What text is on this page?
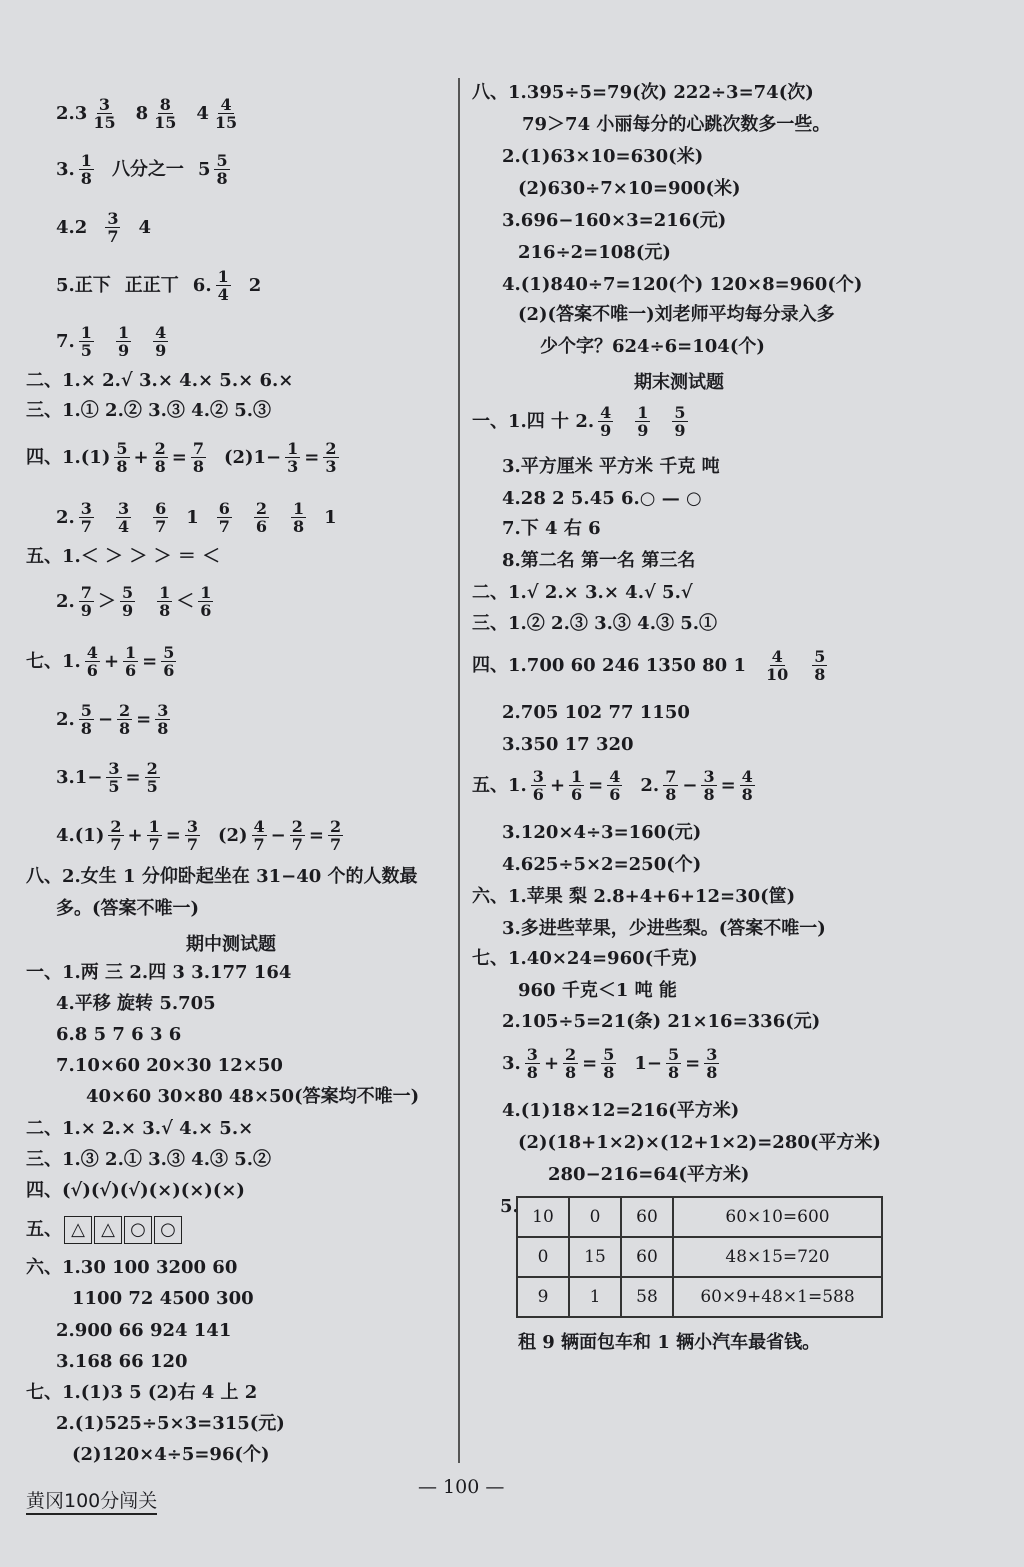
$2.3 \frac{3}{15} 8 \frac{8}{15} 4 \frac{4}{15}$
3. $\frac{1}{8}$ 八分之一 $5 \frac{5}{8}$
$4.2 \frac{3}{7} 4$
5.正下 正正丅 6. $\frac{1}{4} 2$
7. $\frac{1}{5} \frac{1}{9} \frac{4}{9}$
二、1.× 2.√ 3.× 4.× 5.× 6.×
三、1.① 2.② 3.③ 4.② 5.③
四、$1.(1) \frac{5}{8} + \frac{2}{8} = \frac{7}{8} (2)1- \frac{1}{3} = \frac{2}{3}$
2. $\frac{3}{7} \frac{3}{4} \frac{6}{7} 1 \frac{6}{7} \frac{2}{6} \frac{1}{8} 1$
五、1.＜ ＞ ＞ ＞ ＝ ＜
2. $\frac{7}{9} > \frac{5}{9} \frac{1}{8} < \frac{1}{6}$
七、1. $\frac{4}{6} + \frac{1}{6} = \frac{5}{6}$
2. $\frac{5}{8} - \frac{2}{8} = \frac{3}{8}$
$3.1- \frac{3}{5} = \frac{2}{5}$
$4.(1) \frac{2}{7} + \frac{1}{7} = \frac{3}{7} (2) \frac{4}{7} - \frac{2}{7} = \frac{2}{7}$
八、2.女生 1 分仰卧起坐在 31−40 个的人数最
多。(答案不唯一)
期中测试题
一、1.两 三 2.四 3 3.177 164
4.平移 旋转 5.705
6.8 5 7 6 3 6
7.10×60 20×30 12×50
40×60 30×80 48×50(答案均不唯一)
二、1.× 2.× 3.√ 4.× 5.×
三、1.③ 2.① 3.③ 4.③ 5.②
四、(√)(√)(√)(×)(×)(×)
五、 △ △ ○ ○
六、1.30 100 3200 60
1100 72 4500 300
2.900 66 924 141
3.168 66 120
七、1.(1)3 5 (2)右 4 上 2
2.(1)525÷5×3=315(元)
(2)120×4÷5=96(个)
八、1.395÷5=79(次) 222÷3=74(次)
79＞74 小丽每分的心跳次数多一些。
2.(1)63×10=630(米)
(2)630÷7×10=900(米)
3.696−160×3=216(元)
216÷2=108(元)
4.(1)840÷7=120(个) 120×8=960(个)
(2)(答案不唯一)刘老师平均每分录入多
少个字？624÷6=104(个)
期末测试题
一、1.四 十 2. $\frac{4}{9} \frac{1}{9} \frac{5}{9}$
3.平方厘米 平方米 千克 吨
4.28 2 5.45 6.○ — ○
7.下 4 右 6
8.第二名 第一名 第三名
二、1.√ 2.× 3.× 4.√ 5.√
三、1.② 2.③ 3.③ 4.③ 5.①
四、1.700 60 246 1350 80 $1 \frac{4}{10} \frac{5}{8}$
2.705 102 77 1150
3.350 17 320
五、1. $\frac{3}{6} + \frac{1}{6} = \frac{4}{6} 2$. $\frac{7}{8} - \frac{3}{8} = \frac{4}{8}$
3.120×4÷3=160(元)
4.625÷5×2=250(个)
六、1.苹果 梨 2.8+4+6+12=30(筐)
3.多进些苹果，少进些梨。(答案不唯一)
七、1.40×24=960(千克)
960 千克＜1 吨 能
2.105÷5=21(条) 21×16=336(元)
3. $\frac{3}{8} + \frac{2}{8} = \frac{5}{8} 1- \frac{5}{8} = \frac{3}{8}$
4.(1)18×12=216(平方米)
(2)(18+1×2)×(12+1×2)=280(平方米)
280−216=64(平方米)
5. 10	0	60	60×10=600
0	15	60	48×15=720
9	1	58	60×9+48×1=588
租 9 辆面包车和 1 辆小汽车最省钱。
— 100 —
黄冈100分闯关
